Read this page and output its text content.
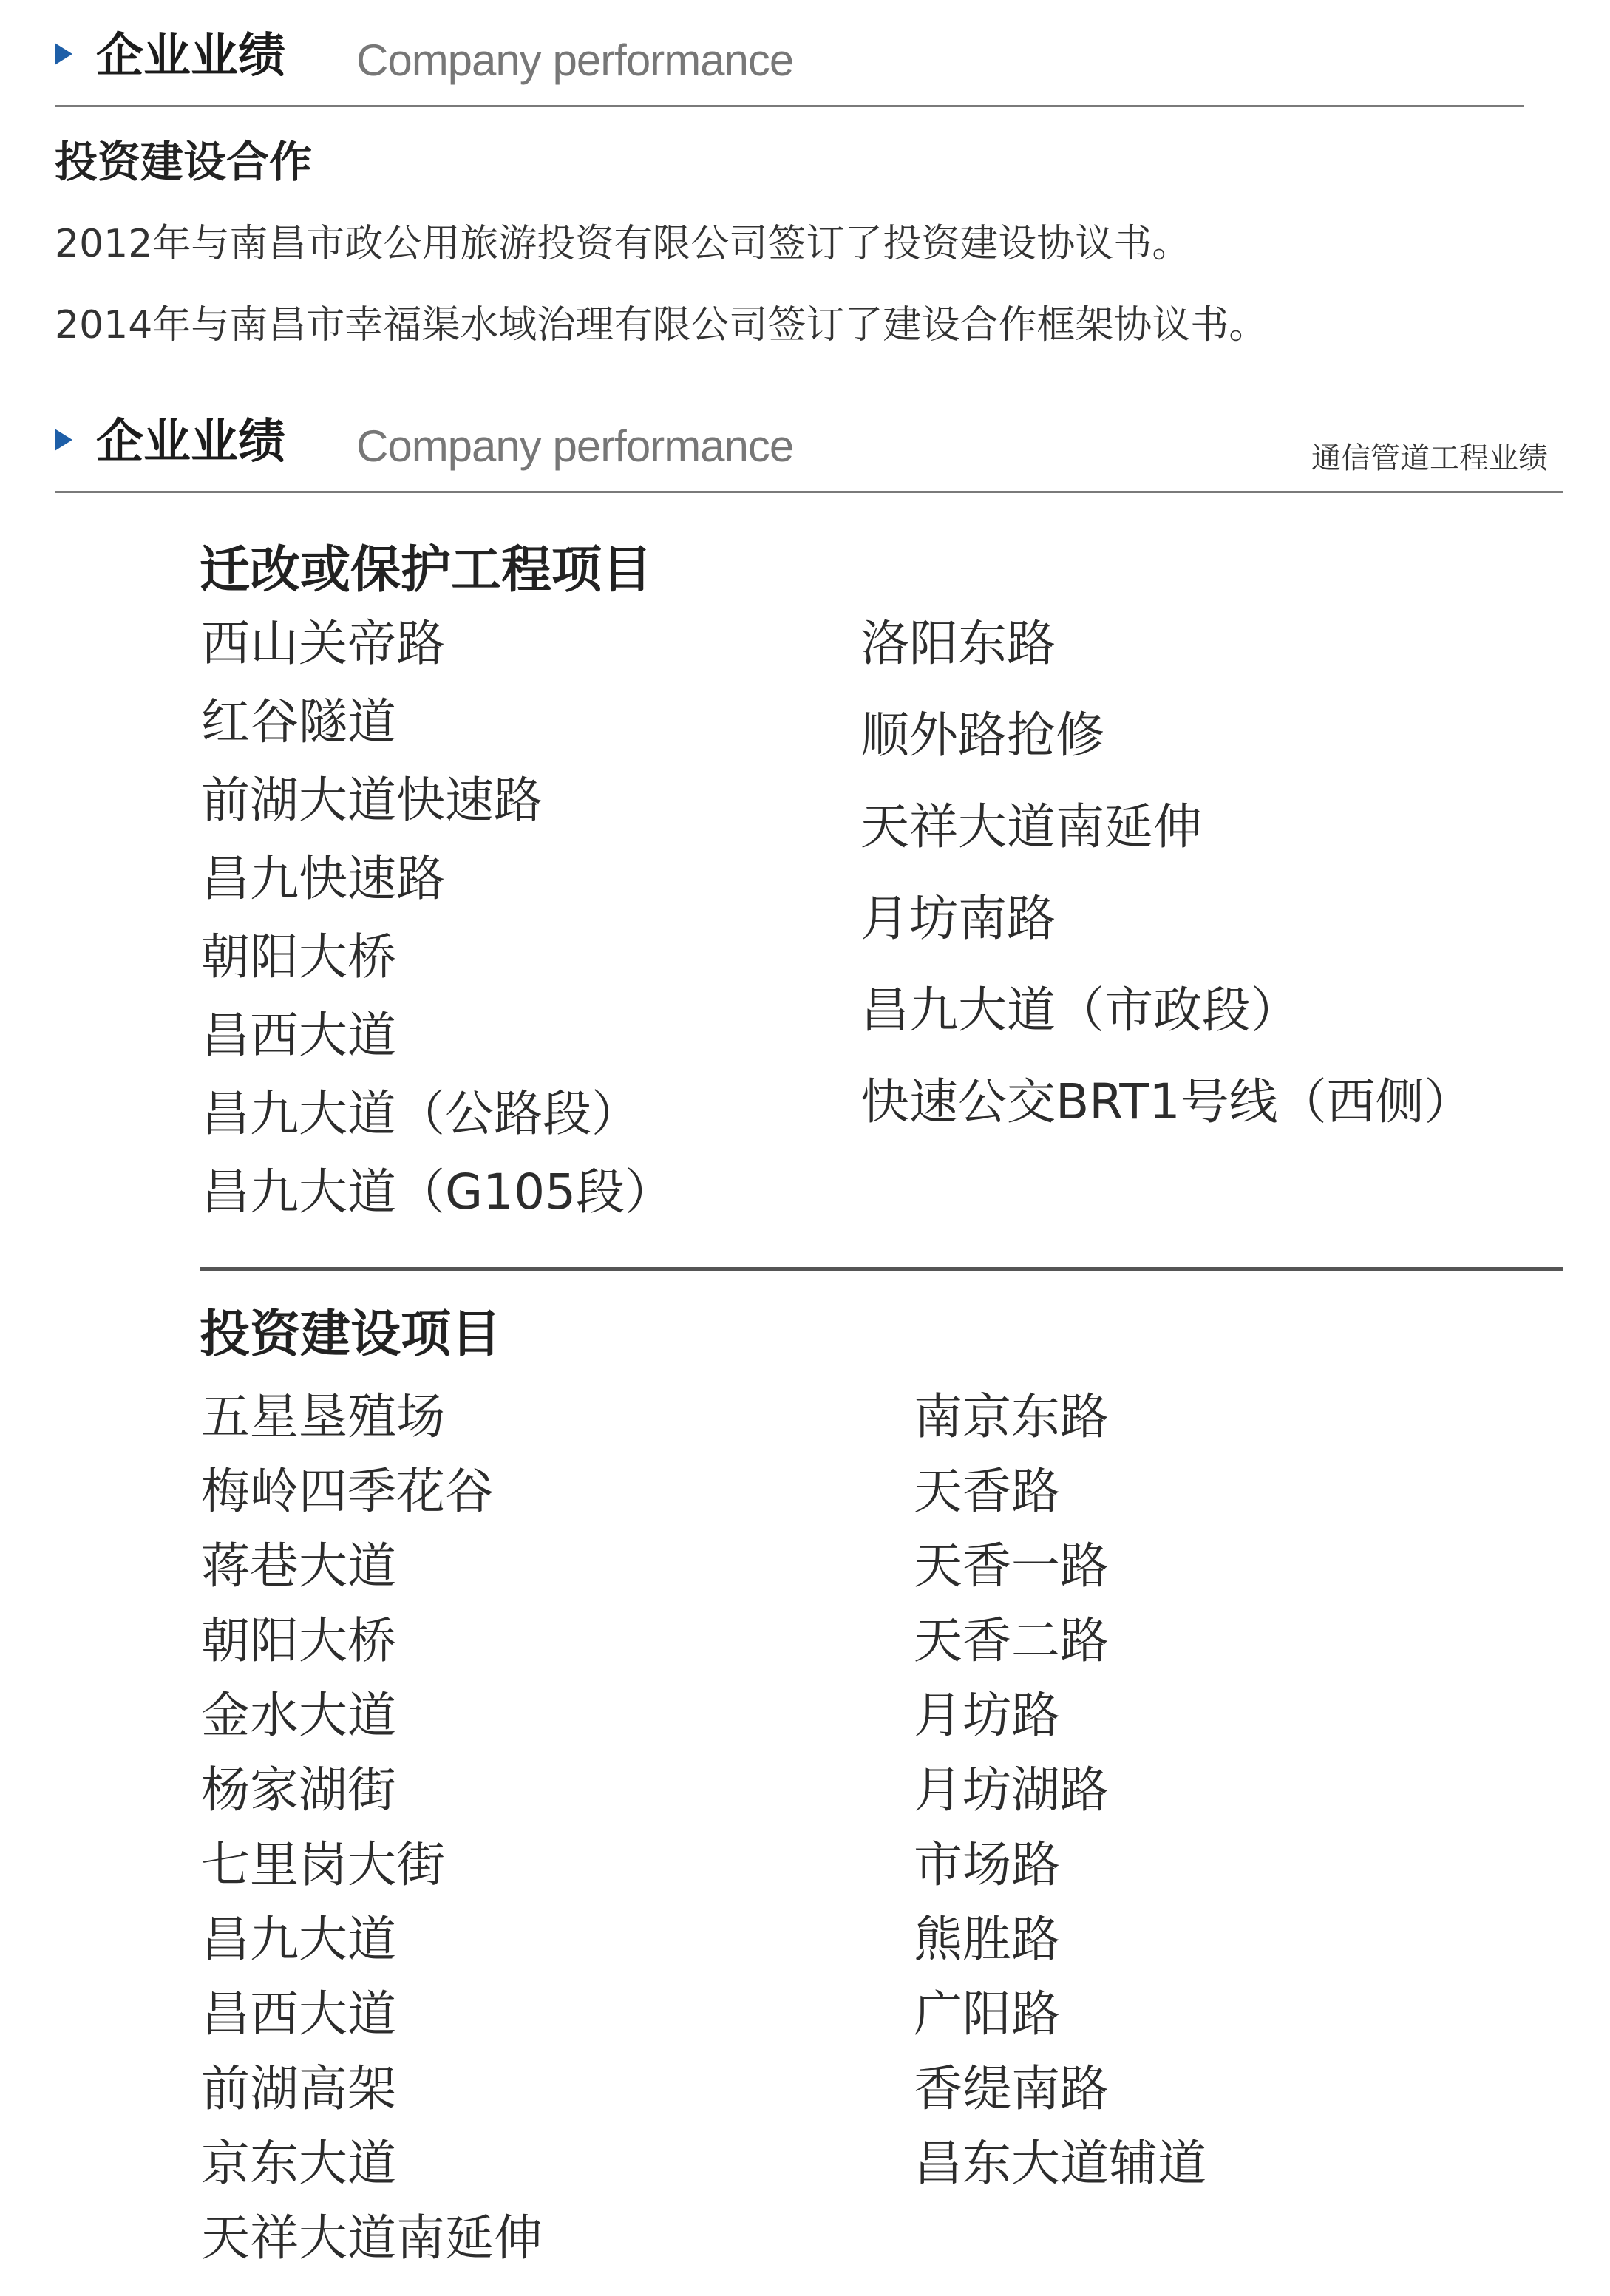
企业业绩 Company performance
投资建设合作
2012年与南昌市政公用旅游投资有限公司签订了投资建设协议书。
2014年与南昌市幸福渠水域治理有限公司签订了建设合作框架协议书。
企业业绩 Company performance	通信管道工程业绩
迁改或保护工程项目
西山关帝路
红谷隧道
前湖大道快速路
昌九快速路
朝阳大桥
昌西大道
昌九大道（公路段）
昌九大道（G105段）
洛阳东路
顺外路抢修
天祥大道南延伸
月坊南路
昌九大道（市政段）
快速公交BRT1号线（西侧）
投资建设项目
五星垦殖场
梅岭四季花谷
蒋巷大道
朝阳大桥
金水大道
杨家湖街
七里岗大街
昌九大道
昌西大道
前湖高架
京东大道
天祥大道南延伸
南京东路
天香路
天香一路
天香二路
月坊路
月坊湖路
市场路
熊胜路
广阳路
香缇南路
昌东大道辅道
